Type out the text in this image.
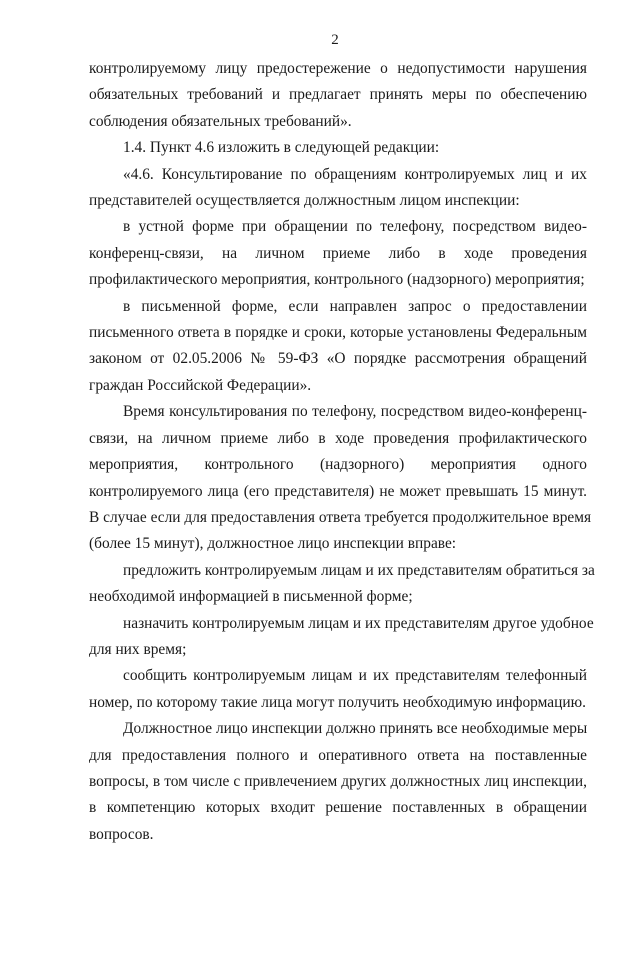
2
контролируемому лицу предостережение о недопустимости нарушения
обязательных требований и предлагает принять меры по обеспечению
соблюдения обязательных требований».
1.4. Пункт 4.6 изложить в следующей редакции:
«4.6. Консультирование по обращениям контролируемых лиц и их
представителей осуществляется должностным лицом инспекции:
в устной форме при обращении по телефону, посредством видео-
конференц-связи, на личном приеме либо в ходе проведения
профилактического мероприятия, контрольного (надзорного) мероприятия;
в письменной форме, если направлен запрос о предоставлении
письменного ответа в порядке и сроки, которые установлены Федеральным
законом от 02.05.2006 № 59-ФЗ «О порядке рассмотрения обращений
граждан Российской Федерации».
Время консультирования по телефону, посредством видео-конференц-
связи, на личном приеме либо в ходе проведения профилактического
мероприятия, контрольного (надзорного) мероприятия одного
контролируемого лица (его представителя) не может превышать 15 минут.
В случае если для предоставления ответа требуется продолжительное время
(более 15 минут), должностное лицо инспекции вправе:
предложить контролируемым лицам и их представителям обратиться за
необходимой информацией в письменной форме;
назначить контролируемым лицам и их представителям другое удобное
для них время;
сообщить контролируемым лицам и их представителям телефонный
номер, по которому такие лица могут получить необходимую информацию.
Должностное лицо инспекции должно принять все необходимые меры
для предоставления полного и оперативного ответа на поставленные
вопросы, в том числе с привлечением других должностных лиц инспекции,
в компетенцию которых входит решение поставленных в обращении
вопросов.
